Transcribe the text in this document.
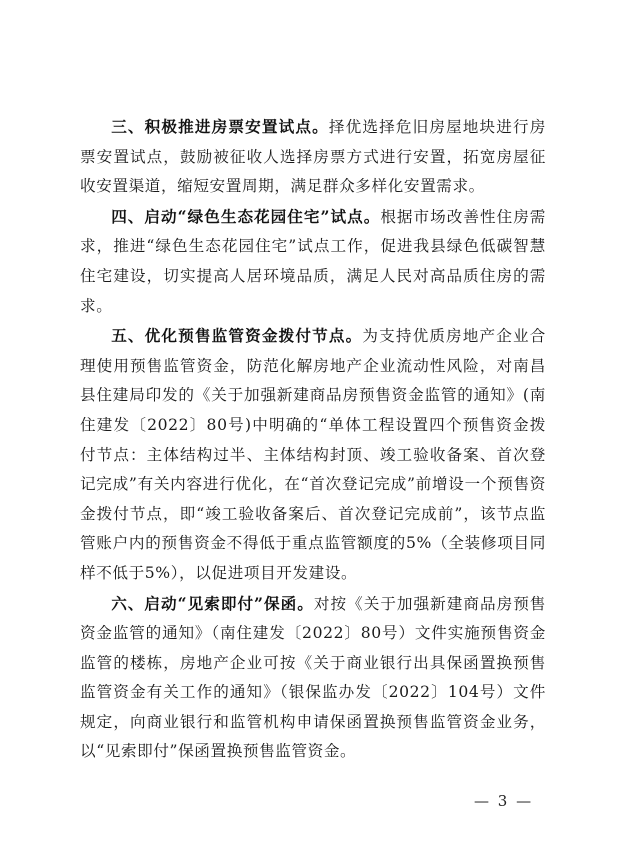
三、积极推进房票安置试点。择优选择危旧房屋地块进行房票安置试点，鼓励被征收人选择房票方式进行安置，拓宽房屋征收安置渠道，缩短安置周期，满足群众多样化安置需求。

四、启动“绿色生态花园住宅”试点。根据市场改善性住房需求，推进“绿色生态花园住宅”试点工作，促进我县绿色低碳智慧住宅建设，切实提高人居环境品质，满足人民对高品质住房的需求。

五、优化预售监管资金拨付节点。为支持优质房地产企业合理使用预售监管资金，防范化解房地产企业流动性风险，对南昌县住建局印发的《关于加强新建商品房预售资金监管的通知》(南住建发〔2022〕80号)中明确的“单体工程设置四个预售资金拨付节点：主体结构过半、主体结构封顶、竣工验收备案、首次登记完成”有关内容进行优化，在“首次登记完成”前增设一个预售资金拨付节点，即“竣工验收备案后、首次登记完成前”，该节点监管账户内的预售资金不得低于重点监管额度的5%（全装修项目同样不低于5%），以促进项目开发建设。

六、启动“见索即付”保函。对按《关于加强新建商品房预售资金监管的通知》（南住建发〔2022〕80号）文件实施预售资金监管的楼栋，房地产企业可按《关于商业银行出具保函置换预售监管资金有关工作的通知》（银保监办发〔2022〕104号）文件规定，向商业银行和监管机构申请保函置换预售监管资金业务，以“见索即付”保函置换预售监管资金。

— 3 —
